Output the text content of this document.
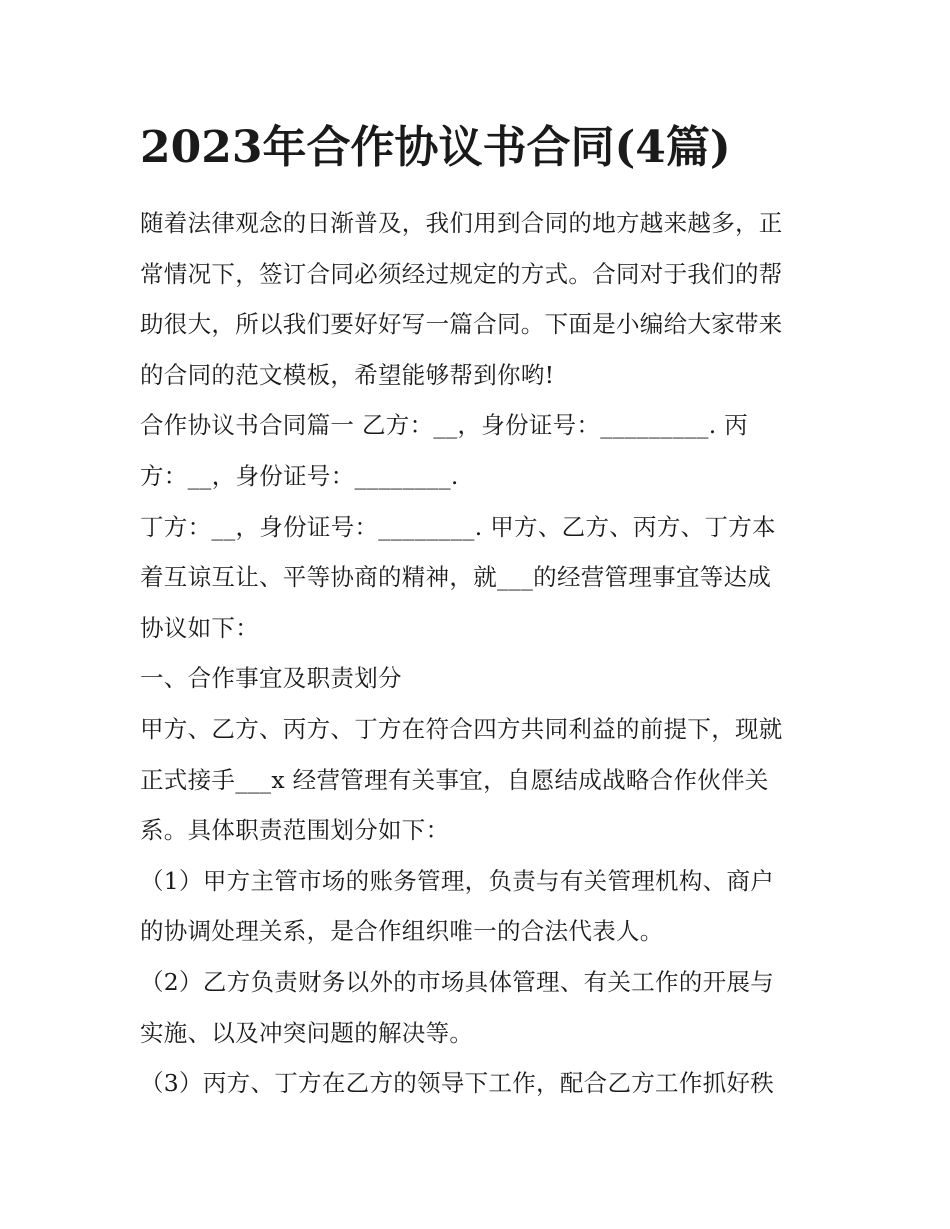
2023年合作协议书合同(4篇)
随着法律观念的日渐普及，我们用到合同的地方越来越多，正
常情况下，签订合同必须经过规定的方式。合同对于我们的帮
助很大，所以我们要好好写一篇合同。下面是小编给大家带来
的合同的范文模板，希望能够帮到你哟!
合作协议书合同篇一 乙方：__，身份证号：_________. 丙
方：__，身份证号：________.
丁方：__，身份证号：________. 甲方、乙方、丙方、丁方本
着互谅互让、平等协商的精神，就___的经营管理事宜等达成
协议如下：
一、合作事宜及职责划分
甲方、乙方、丙方、丁方在符合四方共同利益的前提下，现就
正式接手___x 经营管理有关事宜，自愿结成战略合作伙伴关
系。具体职责范围划分如下：
（1）甲方主管市场的账务管理，负责与有关管理机构、商户
的协调处理关系，是合作组织唯一的合法代表人。
（2）乙方负责财务以外的市场具体管理、有关工作的开展与
实施、以及冲突问题的解决等。
（3）丙方、丁方在乙方的领导下工作，配合乙方工作抓好秩
